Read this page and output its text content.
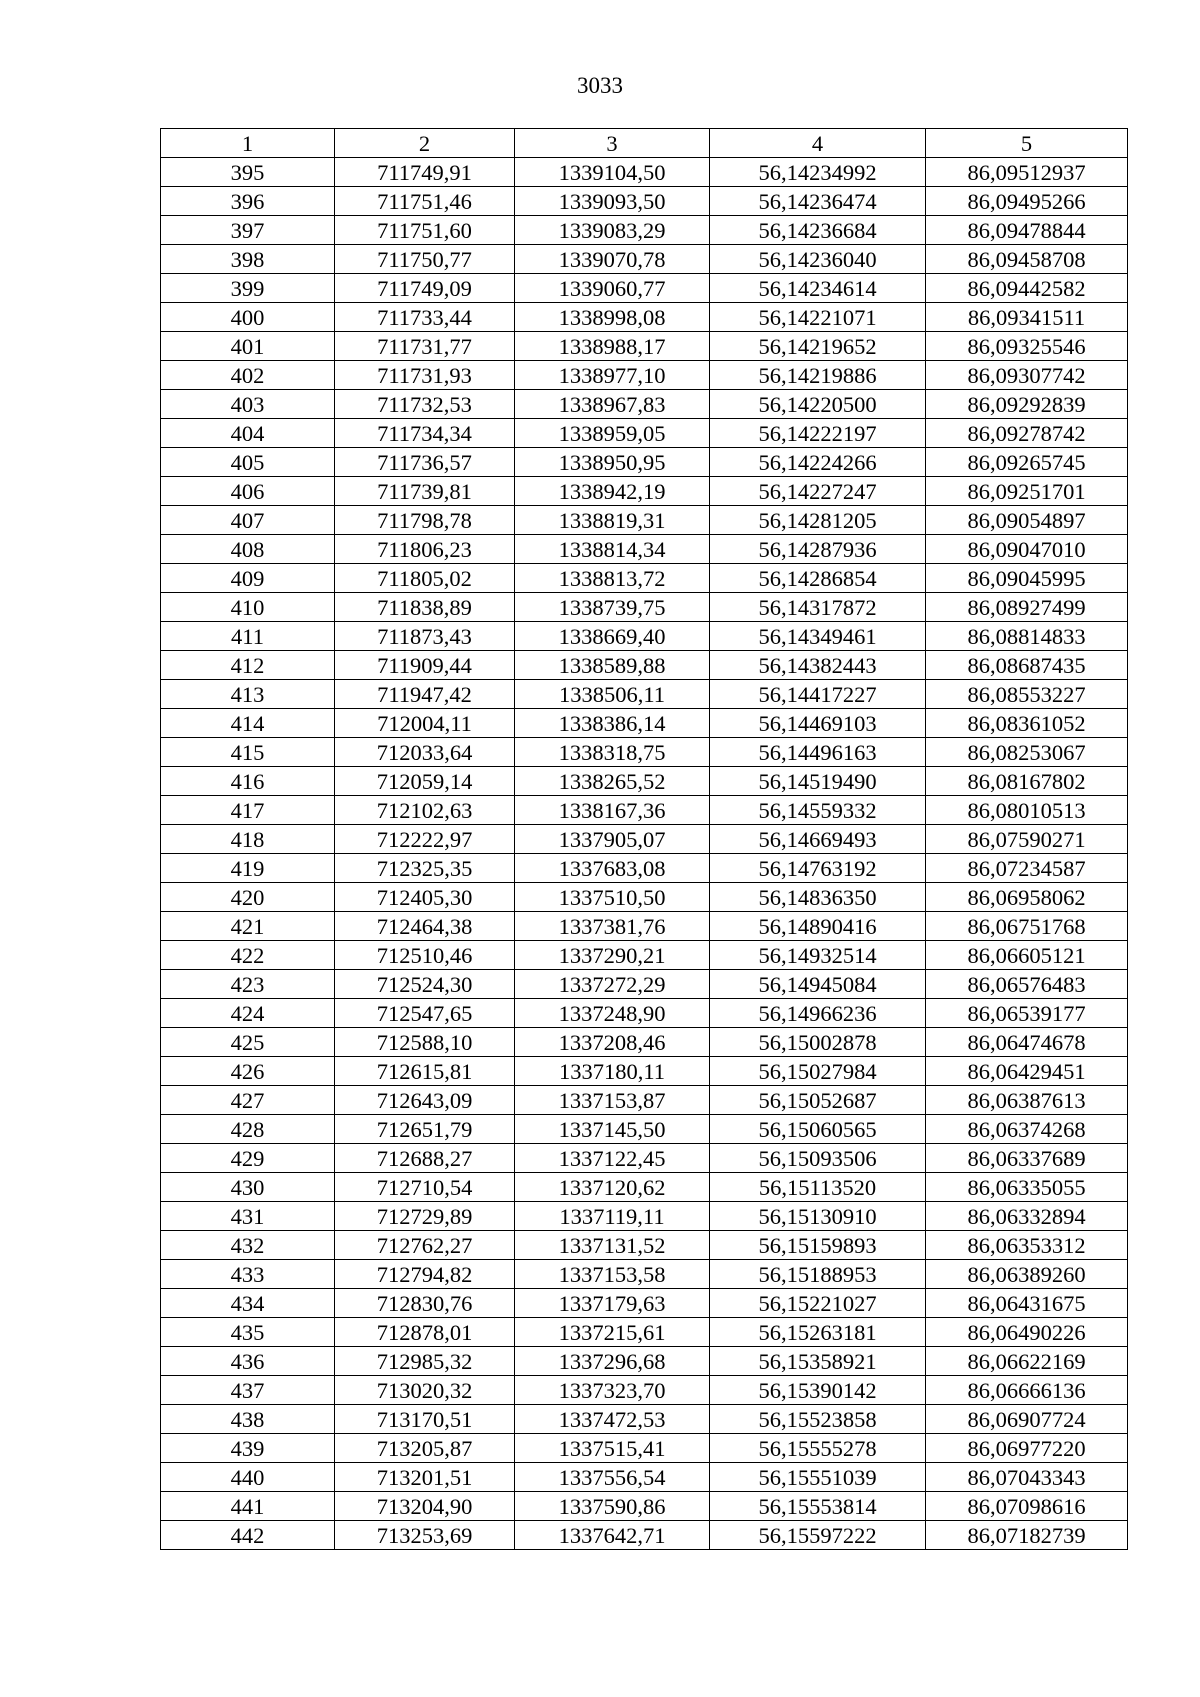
3033
1	2	3	4	5
395	711749,91	1339104,50	56,14234992	86,09512937
396	711751,46	1339093,50	56,14236474	86,09495266
397	711751,60	1339083,29	56,14236684	86,09478844
398	711750,77	1339070,78	56,14236040	86,09458708
399	711749,09	1339060,77	56,14234614	86,09442582
400	711733,44	1338998,08	56,14221071	86,09341511
401	711731,77	1338988,17	56,14219652	86,09325546
402	711731,93	1338977,10	56,14219886	86,09307742
403	711732,53	1338967,83	56,14220500	86,09292839
404	711734,34	1338959,05	56,14222197	86,09278742
405	711736,57	1338950,95	56,14224266	86,09265745
406	711739,81	1338942,19	56,14227247	86,09251701
407	711798,78	1338819,31	56,14281205	86,09054897
408	711806,23	1338814,34	56,14287936	86,09047010
409	711805,02	1338813,72	56,14286854	86,09045995
410	711838,89	1338739,75	56,14317872	86,08927499
411	711873,43	1338669,40	56,14349461	86,08814833
412	711909,44	1338589,88	56,14382443	86,08687435
413	711947,42	1338506,11	56,14417227	86,08553227
414	712004,11	1338386,14	56,14469103	86,08361052
415	712033,64	1338318,75	56,14496163	86,08253067
416	712059,14	1338265,52	56,14519490	86,08167802
417	712102,63	1338167,36	56,14559332	86,08010513
418	712222,97	1337905,07	56,14669493	86,07590271
419	712325,35	1337683,08	56,14763192	86,07234587
420	712405,30	1337510,50	56,14836350	86,06958062
421	712464,38	1337381,76	56,14890416	86,06751768
422	712510,46	1337290,21	56,14932514	86,06605121
423	712524,30	1337272,29	56,14945084	86,06576483
424	712547,65	1337248,90	56,14966236	86,06539177
425	712588,10	1337208,46	56,15002878	86,06474678
426	712615,81	1337180,11	56,15027984	86,06429451
427	712643,09	1337153,87	56,15052687	86,06387613
428	712651,79	1337145,50	56,15060565	86,06374268
429	712688,27	1337122,45	56,15093506	86,06337689
430	712710,54	1337120,62	56,15113520	86,06335055
431	712729,89	1337119,11	56,15130910	86,06332894
432	712762,27	1337131,52	56,15159893	86,06353312
433	712794,82	1337153,58	56,15188953	86,06389260
434	712830,76	1337179,63	56,15221027	86,06431675
435	712878,01	1337215,61	56,15263181	86,06490226
436	712985,32	1337296,68	56,15358921	86,06622169
437	713020,32	1337323,70	56,15390142	86,06666136
438	713170,51	1337472,53	56,15523858	86,06907724
439	713205,87	1337515,41	56,15555278	86,06977220
440	713201,51	1337556,54	56,15551039	86,07043343
441	713204,90	1337590,86	56,15553814	86,07098616
442	713253,69	1337642,71	56,15597222	86,07182739
